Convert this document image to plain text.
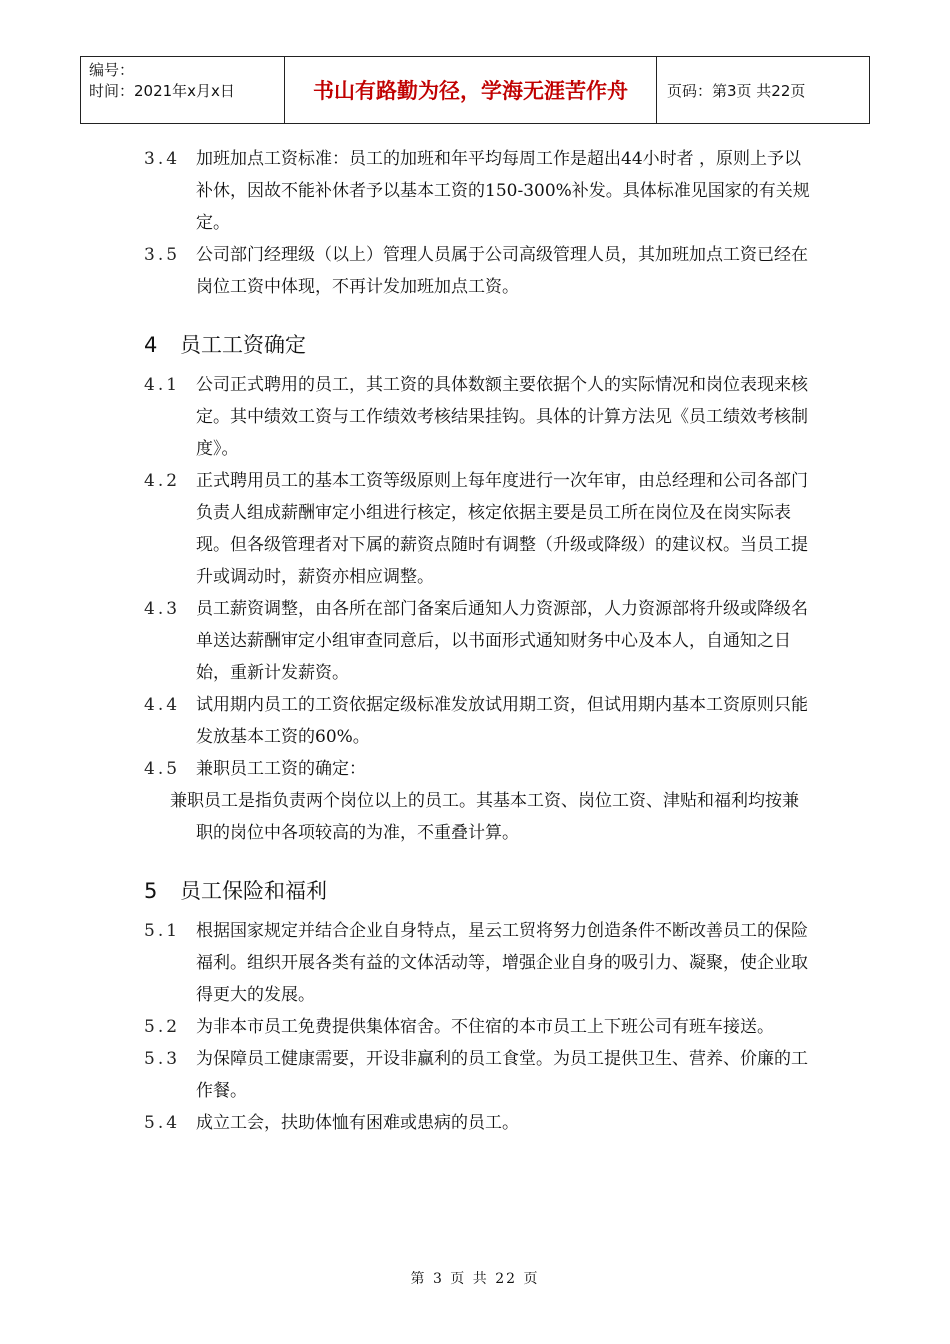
编号：
时间：2021年x月x日	书山有路勤为径，学海无涯苦作舟	页码：第3页 共22页
3.4 加班加点工资标准：员工的加班和年平均每周工作是超出44小时者 ，原则上予以补休，因故不能补休者予以基本工资的150-300%补发。具体标准见国家的有关规定。
3.5 公司部门经理级（以上）管理人员属于公司高级管理人员，其加班加点工资已经在岗位工资中体现，不再计发加班加点工资。
4	员工工资确定
4.1 公司正式聘用的员工，其工资的具体数额主要依据个人的实际情况和岗位表现来核定。其中绩效工资与工作绩效考核结果挂钩。具体的计算方法见《员工绩效考核制度》。
4.2 正式聘用员工的基本工资等级原则上每年度进行一次年审，由总经理和公司各部门负责人组成薪酬审定小组进行核定，核定依据主要是员工所在岗位及在岗实际表现。但各级管理者对下属的薪资点随时有调整（升级或降级）的建议权。当员工提升或调动时，薪资亦相应调整。
4.3 员工薪资调整，由各所在部门备案后通知人力资源部，人力资源部将升级或降级名单送达薪酬审定小组审查同意后，以书面形式通知财务中心及本人，自通知之日始，重新计发薪资。
4.4 试用期内员工的工资依据定级标准发放试用期工资，但试用期内基本工资原则只能发放基本工资的60%。
4.5 兼职员工工资的确定：
兼职员工是指负责两个岗位以上的员工。其基本工资、岗位工资、津贴和福利均按兼职的岗位中各项较高的为准，不重叠计算。
5	员工保险和福利
5.1 根据国家规定并结合企业自身特点，星云工贸将努力创造条件不断改善员工的保险福利。组织开展各类有益的文体活动等，增强企业自身的吸引力、凝聚，使企业取得更大的发展。
5.2 为非本市员工免费提供集体宿舍。不住宿的本市员工上下班公司有班车接送。
5.3 为保障员工健康需要，开设非赢利的员工食堂。为员工提供卫生、营养、价廉的工作餐。
5.4 成立工会，扶助体恤有困难或患病的员工。
第 3 页 共 22 页
